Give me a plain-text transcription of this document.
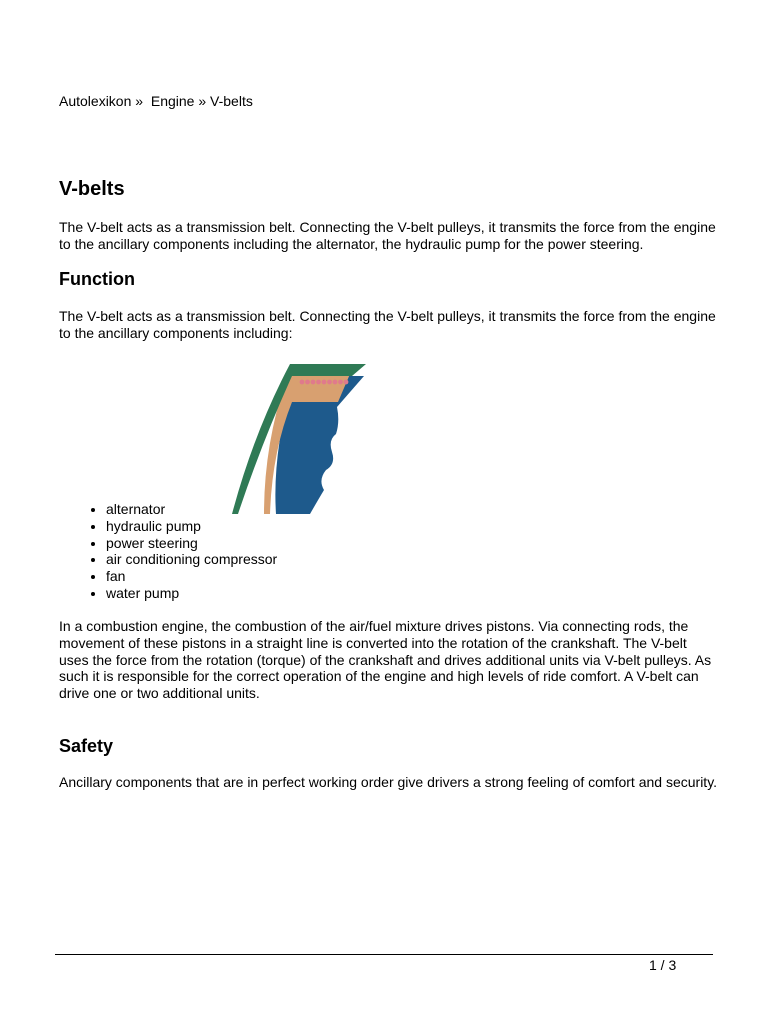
Autolexikon » Engine » V-belts
V-belts

The V-belt acts as a transmission belt. Connecting the V-belt pulleys, it transmits the force from the engine to the ancillary components including the alternator, the hydraulic pump for the power steering.

Function

The V-belt acts as a transmission belt. Connecting the V-belt pulleys, it transmits the force from the engine to the ancillary components including:

• alternator
• hydraulic pump
• power steering
• air conditioning compressor
• fan
• water pump

In a combustion engine, the combustion of the air/fuel mixture drives pistons. Via connecting rods, the movement of these pistons in a straight line is converted into the rotation of the crankshaft. The V-belt uses the force from the rotation (torque) of the crankshaft and drives additional units via V-belt pulleys. As such it is responsible for the correct operation of the engine and high levels of ride comfort. A V-belt can drive one or two additional units.

Safety

Ancillary components that are in perfect working order give drivers a strong feeling of comfort and security.

1 / 3
